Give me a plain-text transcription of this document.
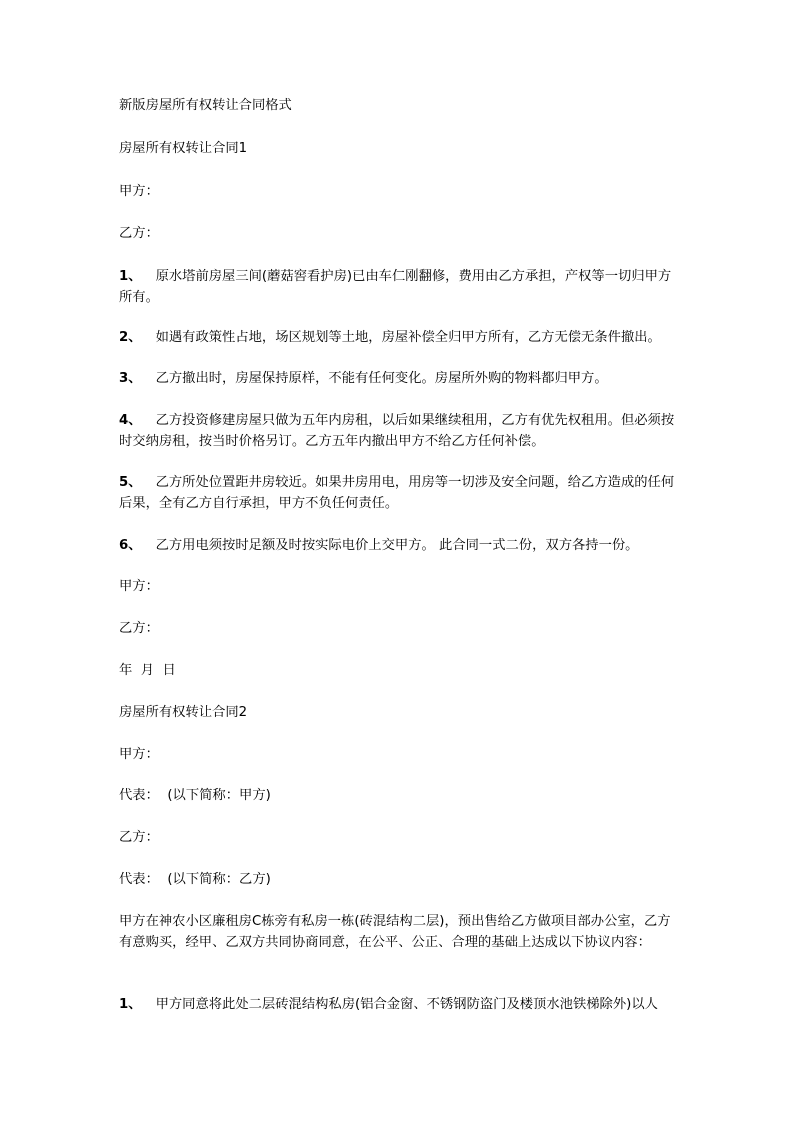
新版房屋所有权转让合同格式
房屋所有权转让合同1
甲方：
乙方：
1、 原水塔前房屋三间(蘑菇窖看护房)已由车仁刚翻修，费用由乙方承担，产权等一切归甲方所有。
2、 如遇有政策性占地，场区规划等土地，房屋补偿全归甲方所有，乙方无偿无条件撤出。
3、 乙方撤出时，房屋保持原样，不能有任何变化。房屋所外购的物料都归甲方。
4、 乙方投资修建房屋只做为五年内房租，以后如果继续租用，乙方有优先权租用。但必须按时交纳房租，按当时价格另订。乙方五年内撤出甲方不给乙方任何补偿。
5、 乙方所处位置距井房较近。如果井房用电，用房等一切涉及安全问题，给乙方造成的任何后果，全有乙方自行承担，甲方不负任何责任。
6、 乙方用电须按时足额及时按实际电价上交甲方。 此合同一式二份，双方各持一份。
甲方：
乙方：
年  月  日
房屋所有权转让合同2
甲方：
代表：  (以下简称：甲方)
乙方：
代表：  (以下简称：乙方)
甲方在神农小区廉租房C栋旁有私房一栋(砖混结构二层)，预出售给乙方做项目部办公室，乙方有意购买，经甲、乙双方共同协商同意，在公平、公正、合理的基础上达成以下协议内容：
1、 甲方同意将此处二层砖混结构私房(铝合金窗、不锈钢防盗门及楼顶水池铁梯除外)以人
